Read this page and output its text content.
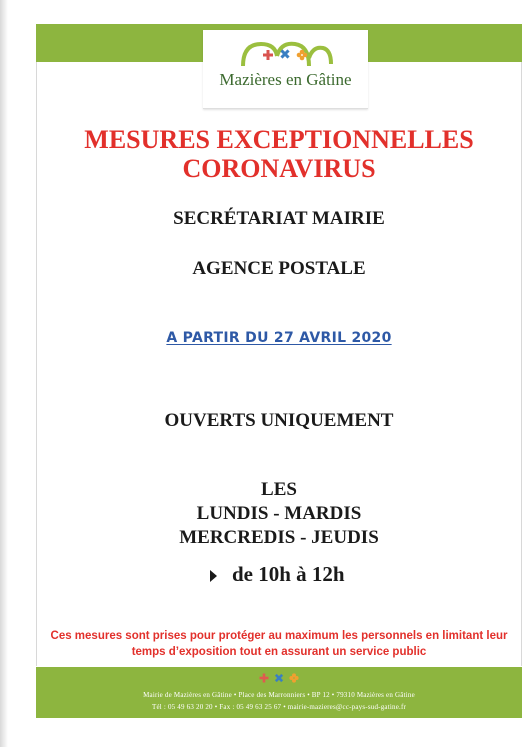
Mazières en Gâtine
MESURES EXCEPTIONNELLES
CORONAVIRUS
SECRÉTARIAT MAIRIE
AGENCE POSTALE
A PARTIR DU 27 AVRIL 2020
OUVERTS UNIQUEMENT
LES
LUNDIS - MARDIS
MERCREDIS - JEUDIS
de 10h à 12h
Ces mesures sont prises pour protéger au maximum les personnels en limitant leur
temps d’exposition tout en assurant un service public
Mairie de Mazières en Gâtine • Place des Marronniers • BP 12 • 79310 Mazières en Gâtine
Tél : 05 49 63 20 20 • Fax : 05 49 63 25 67 • mairie-mazieres@cc-pays-sud-gatine.fr
